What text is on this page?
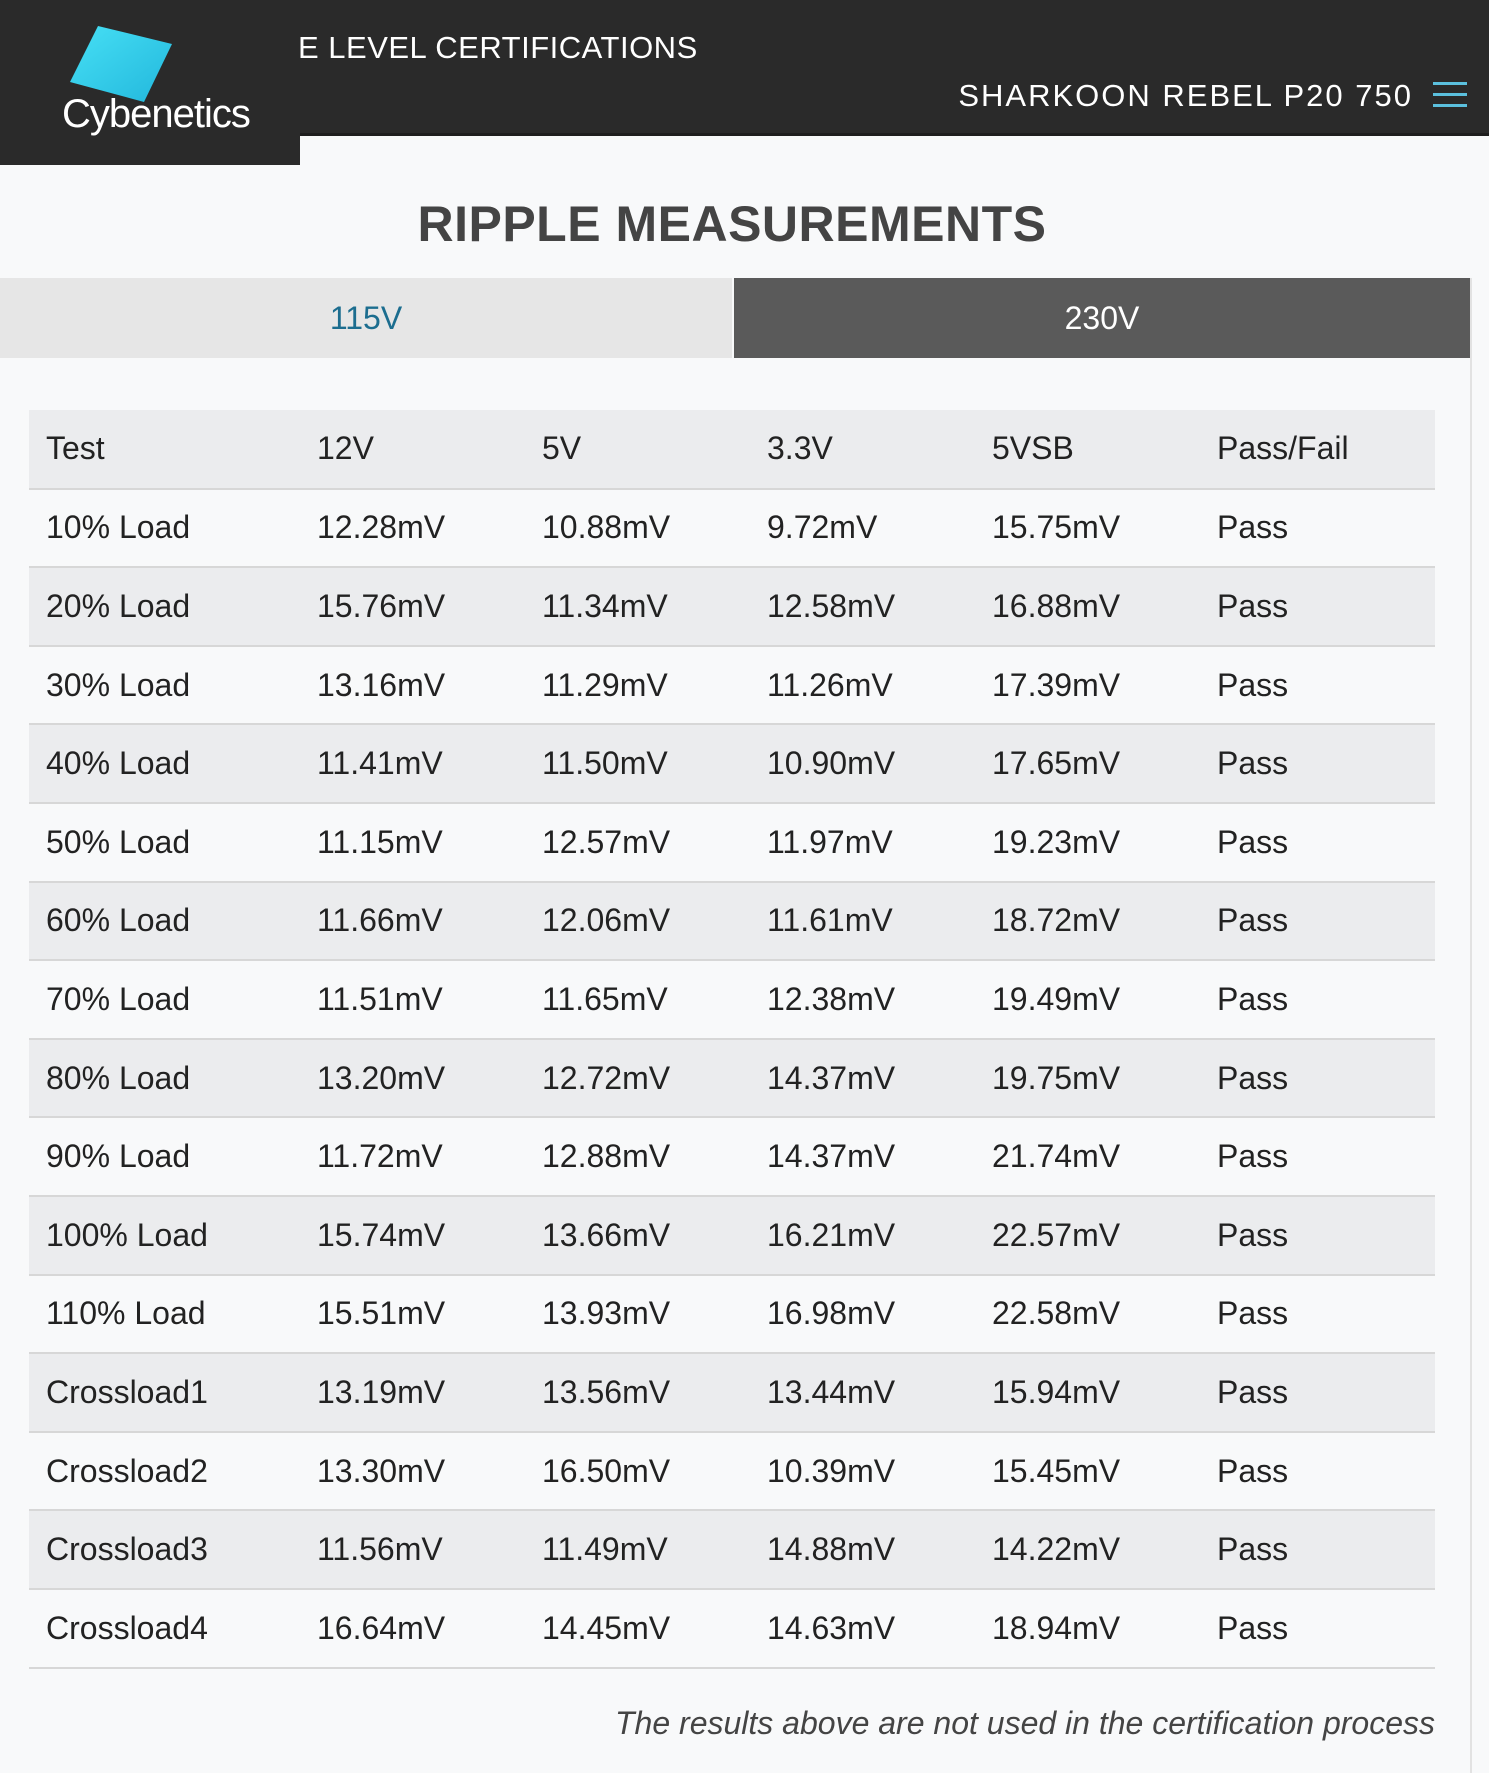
Cybenetics
E LEVEL CERTIFICATIONS
SHARKOON REBEL P20 750
RIPPLE MEASUREMENTS
115V	230V
Test	12V	5V	3.3V	5VSB	Pass/Fail
10% Load	12.28mV	10.88mV	9.72mV	15.75mV	Pass
20% Load	15.76mV	11.34mV	12.58mV	16.88mV	Pass
30% Load	13.16mV	11.29mV	11.26mV	17.39mV	Pass
40% Load	11.41mV	11.50mV	10.90mV	17.65mV	Pass
50% Load	11.15mV	12.57mV	11.97mV	19.23mV	Pass
60% Load	11.66mV	12.06mV	11.61mV	18.72mV	Pass
70% Load	11.51mV	11.65mV	12.38mV	19.49mV	Pass
80% Load	13.20mV	12.72mV	14.37mV	19.75mV	Pass
90% Load	11.72mV	12.88mV	14.37mV	21.74mV	Pass
100% Load	15.74mV	13.66mV	16.21mV	22.57mV	Pass
110% Load	15.51mV	13.93mV	16.98mV	22.58mV	Pass
Crossload1	13.19mV	13.56mV	13.44mV	15.94mV	Pass
Crossload2	13.30mV	16.50mV	10.39mV	15.45mV	Pass
Crossload3	11.56mV	11.49mV	14.88mV	14.22mV	Pass
Crossload4	16.64mV	14.45mV	14.63mV	18.94mV	Pass
The results above are not used in the certification process
